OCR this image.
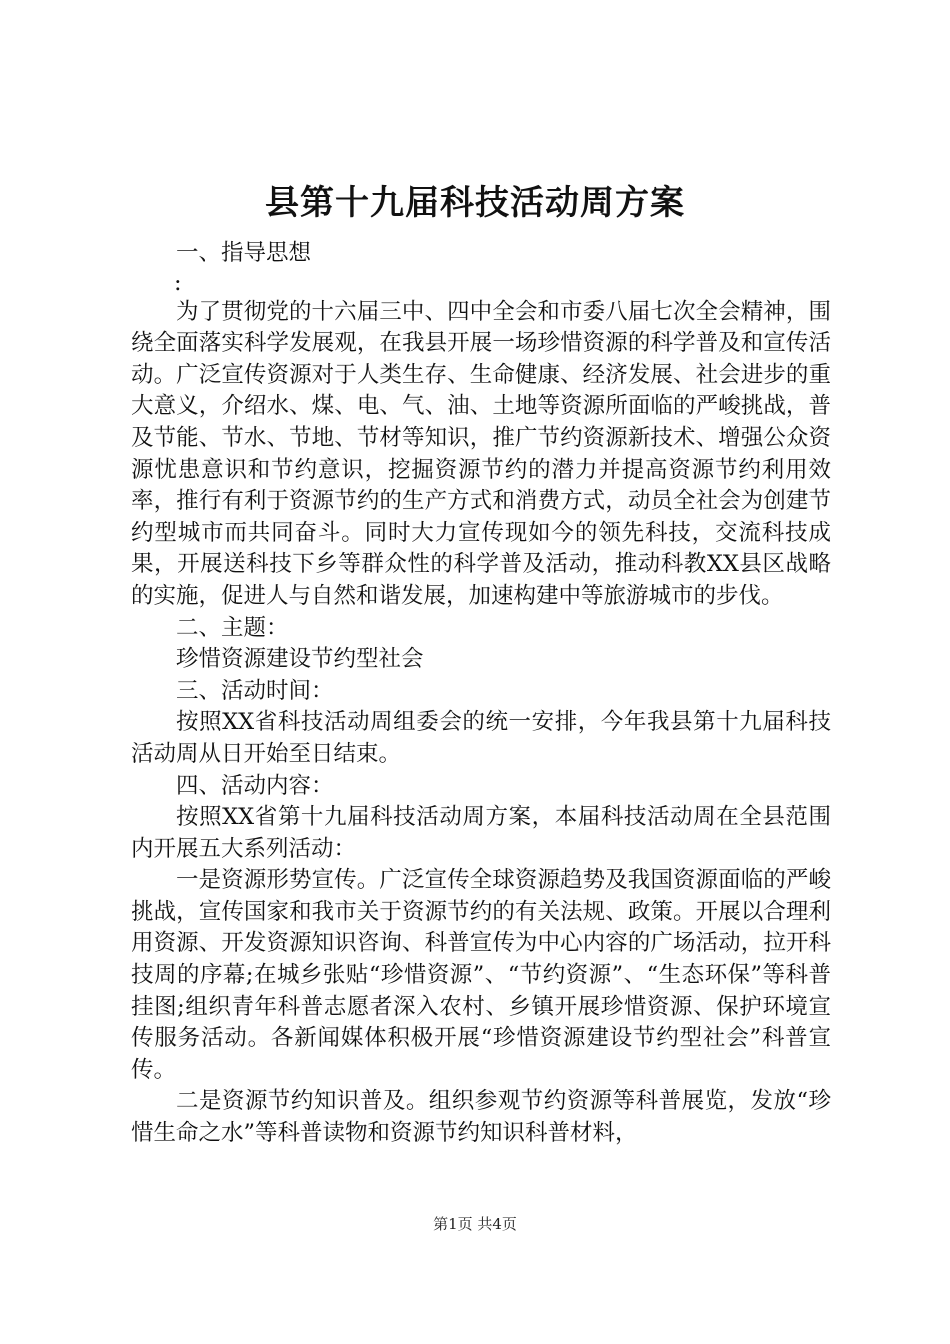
县第十九届科技活动周方案

一、指导思想

:

为了贯彻党的十六届三中、四中全会和市委八届七次全会精神，围绕全面落实科学发展观，在我县开展一场珍惜资源的科学普及和宣传活动。广泛宣传资源对于人类生存、生命健康、经济发展、社会进步的重大意义，介绍水、煤、电、气、油、土地等资源所面临的严峻挑战，普及节能、节水、节地、节材等知识，推广节约资源新技术、增强公众资源忧患意识和节约意识，挖掘资源节约的潜力并提高资源节约利用效率，推行有利于资源节约的生产方式和消费方式，动员全社会为创建节约型城市而共同奋斗。同时大力宣传现如今的领先科技，交流科技成果，开展送科技下乡等群众性的科学普及活动，推动科教XX县区战略的实施，促进人与自然和谐发展，加速构建中等旅游城市的步伐。

二、主题：

珍惜资源建设节约型社会

三、活动时间：

按照XX省科技活动周组委会的统一安排，今年我县第十九届科技活动周从日开始至日结束。

四、活动内容：

按照XX省第十九届科技活动周方案，本届科技活动周在全县范围内开展五大系列活动：

一是资源形势宣传。广泛宣传全球资源趋势及我国资源面临的严峻挑战，宣传国家和我市关于资源节约的有关法规、政策。开展以合理利用资源、开发资源知识咨询、科普宣传为中心内容的广场活动，拉开科技周的序幕;在城乡张贴“珍惜资源”、“节约资源”、“生态环保”等科普挂图;组织青年科普志愿者深入农村、乡镇开展珍惜资源、保护环境宣传服务活动。各新闻媒体积极开展“珍惜资源建设节约型社会”科普宣传。

二是资源节约知识普及。组织参观节约资源等科普展览，发放“珍惜生命之水”等科普读物和资源节约知识科普材料，

第1页 共4页
